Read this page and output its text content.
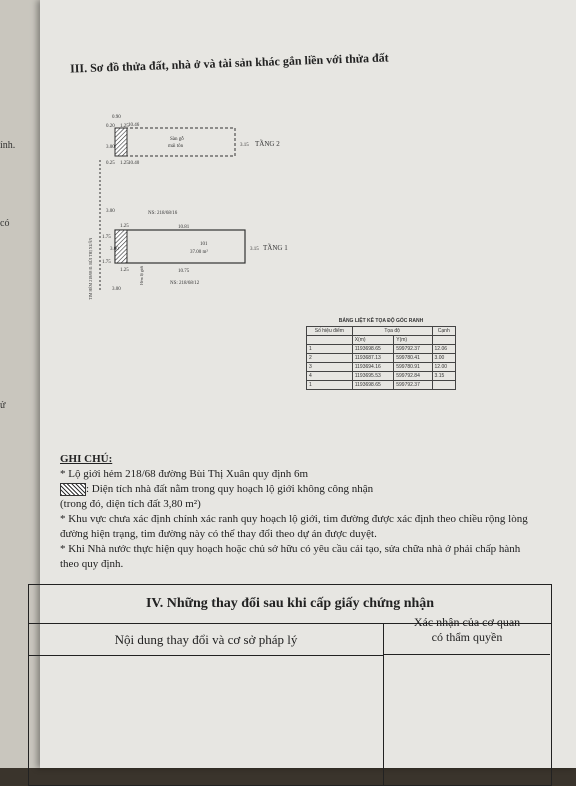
ính.
có
ử
III. Sơ đồ thửa đất, nhà ở và tài sản khác gắn liền với thửa đất
10.46
10.40
3.15
Sàn gỗ
mái tôn	TẦNG 2
0.90
0.20 1.25
3.00
0.25 1.25
10.81
10.75
3.15
101
37.00 m²
TẦNG 1
NS: 218/68/16
NS: 218/68/12
3.00
1.25
1.75
3.00
1.75
1.25
3.00
TIM HẺM 218/68 Đ. BÙI THỊ XUÂN	Hẻm lộ giới
BẢNG LIỆT KÊ TỌA ĐỘ GÓC RANH
Số hiệu điểm	Tọa độ		Cạnh
	X(m)	Y(m)	
1	1193698.65	599792.37	12.06
2	1193687.13	599780.41	3.00
3	1193694.16	599780.91	12.00
4	1193695.53	599792.84	3.15
1	1193698.65	599792.37	
GHI CHÚ:
* Lộ giới hẻm 218/68 đường Bùi Thị Xuân quy định 6m
: Diện tích nhà đất nằm trong quy hoạch lộ giới không công nhận
(trong đó, diện tích đất 3,80 m²)
* Khu vực chưa xác định chính xác ranh quy hoạch lộ giới, tim đường được xác định theo chiều rộng lòng đường hiện trạng, tim đường này có thể thay đổi theo dự án được duyệt.
* Khi Nhà nước thực hiện quy hoạch hoặc chủ sở hữu có yêu cầu cải tạo, sửa chữa nhà ở phải chấp hành theo quy định.
IV. Những thay đổi sau khi cấp giấy chứng nhận
Nội dung thay đổi và cơ sở pháp lý
Xác nhận của cơ quan
có thẩm quyền
